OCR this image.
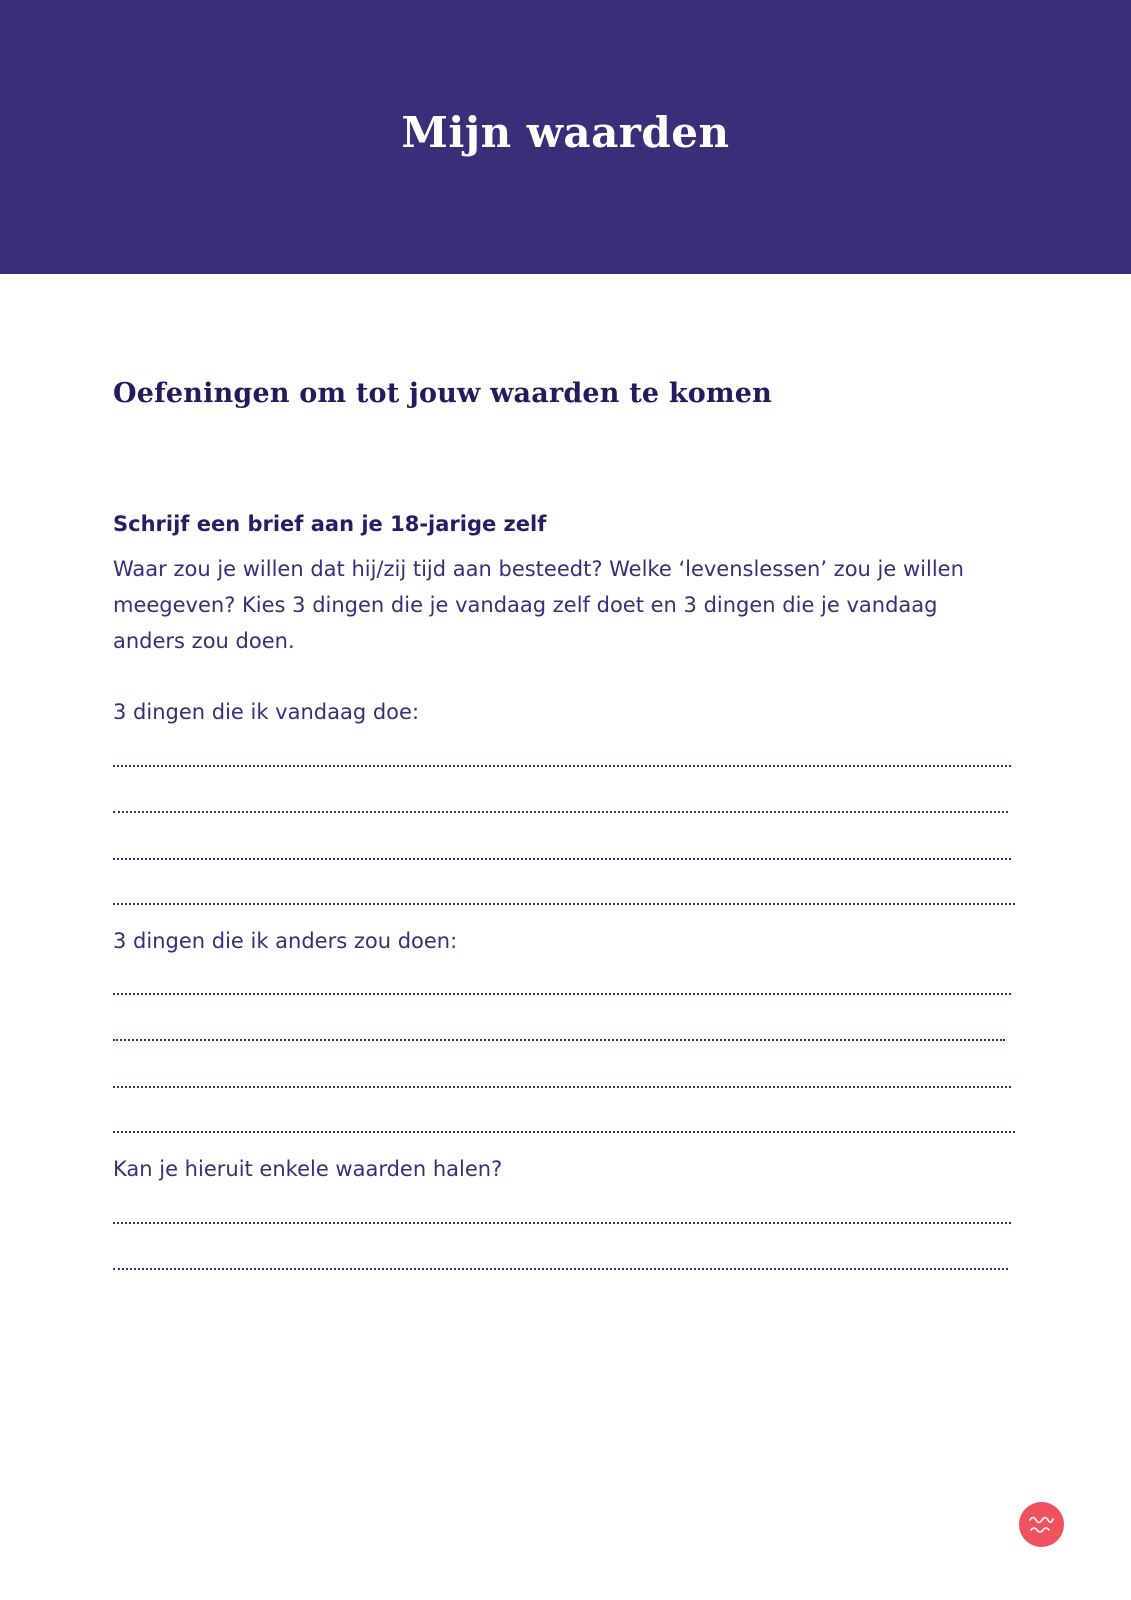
Mijn waarden
Oefeningen om tot jouw waarden te komen
Schrijf een brief aan je 18-jarige zelf

Waar zou je willen dat hij/zij tijd aan besteedt? Welke ‘levenslessen’ zou je willen meegeven? Kies 3 dingen die je vandaag zelf doet en 3 dingen die je vandaag anders zou doen.

3 dingen die ik vandaag doe:

3 dingen die ik anders zou doen:

Kan je hieruit enkele waarden halen?
